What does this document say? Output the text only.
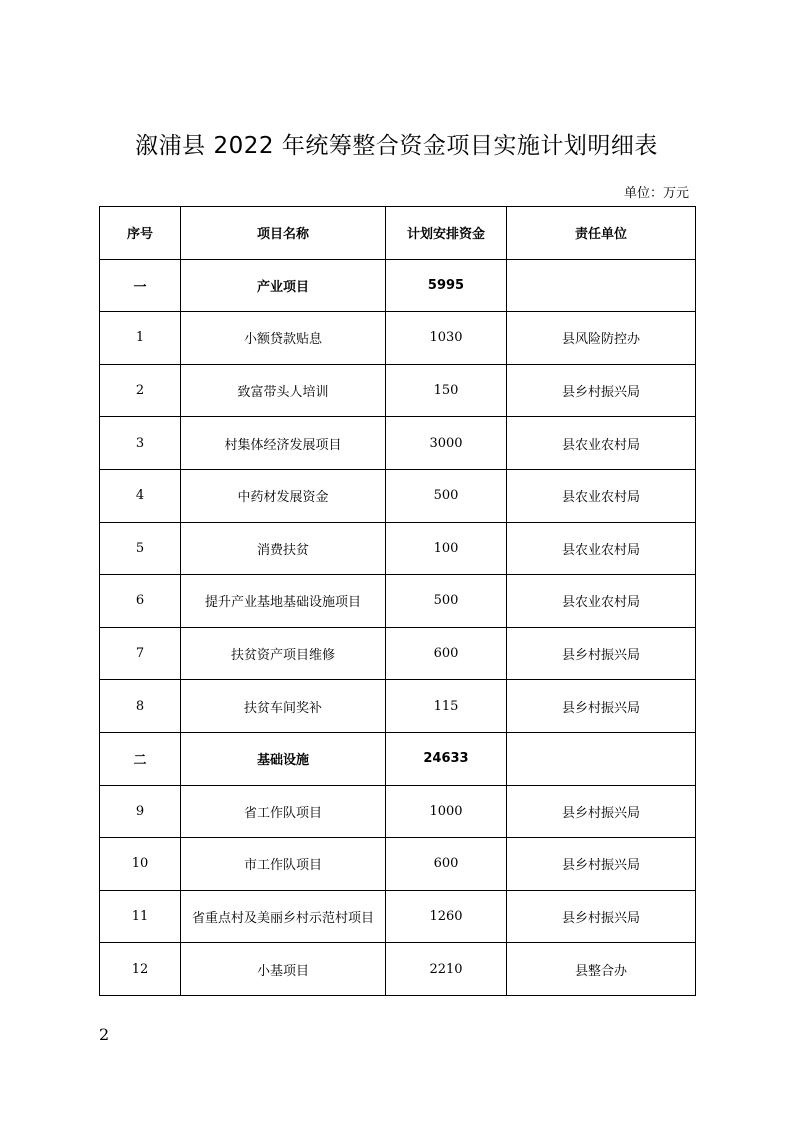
溆浦县 2022 年统筹整合资金项目实施计划明细表
单位：万元
序号	项目名称	计划安排资金	责任单位
一	产业项目	5995	
1	小额贷款贴息	1030	县风险防控办
2	致富带头人培训	150	县乡村振兴局
3	村集体经济发展项目	3000	县农业农村局
4	中药材发展资金	500	县农业农村局
5	消费扶贫	100	县农业农村局
6	提升产业基地基础设施项目	500	县农业农村局
7	扶贫资产项目维修	600	县乡村振兴局
8	扶贫车间奖补	115	县乡村振兴局
二	基础设施	24633	
9	省工作队项目	1000	县乡村振兴局
10	市工作队项目	600	县乡村振兴局
11	省重点村及美丽乡村示范村项目	1260	县乡村振兴局
12	小基项目	2210	县整合办
2
